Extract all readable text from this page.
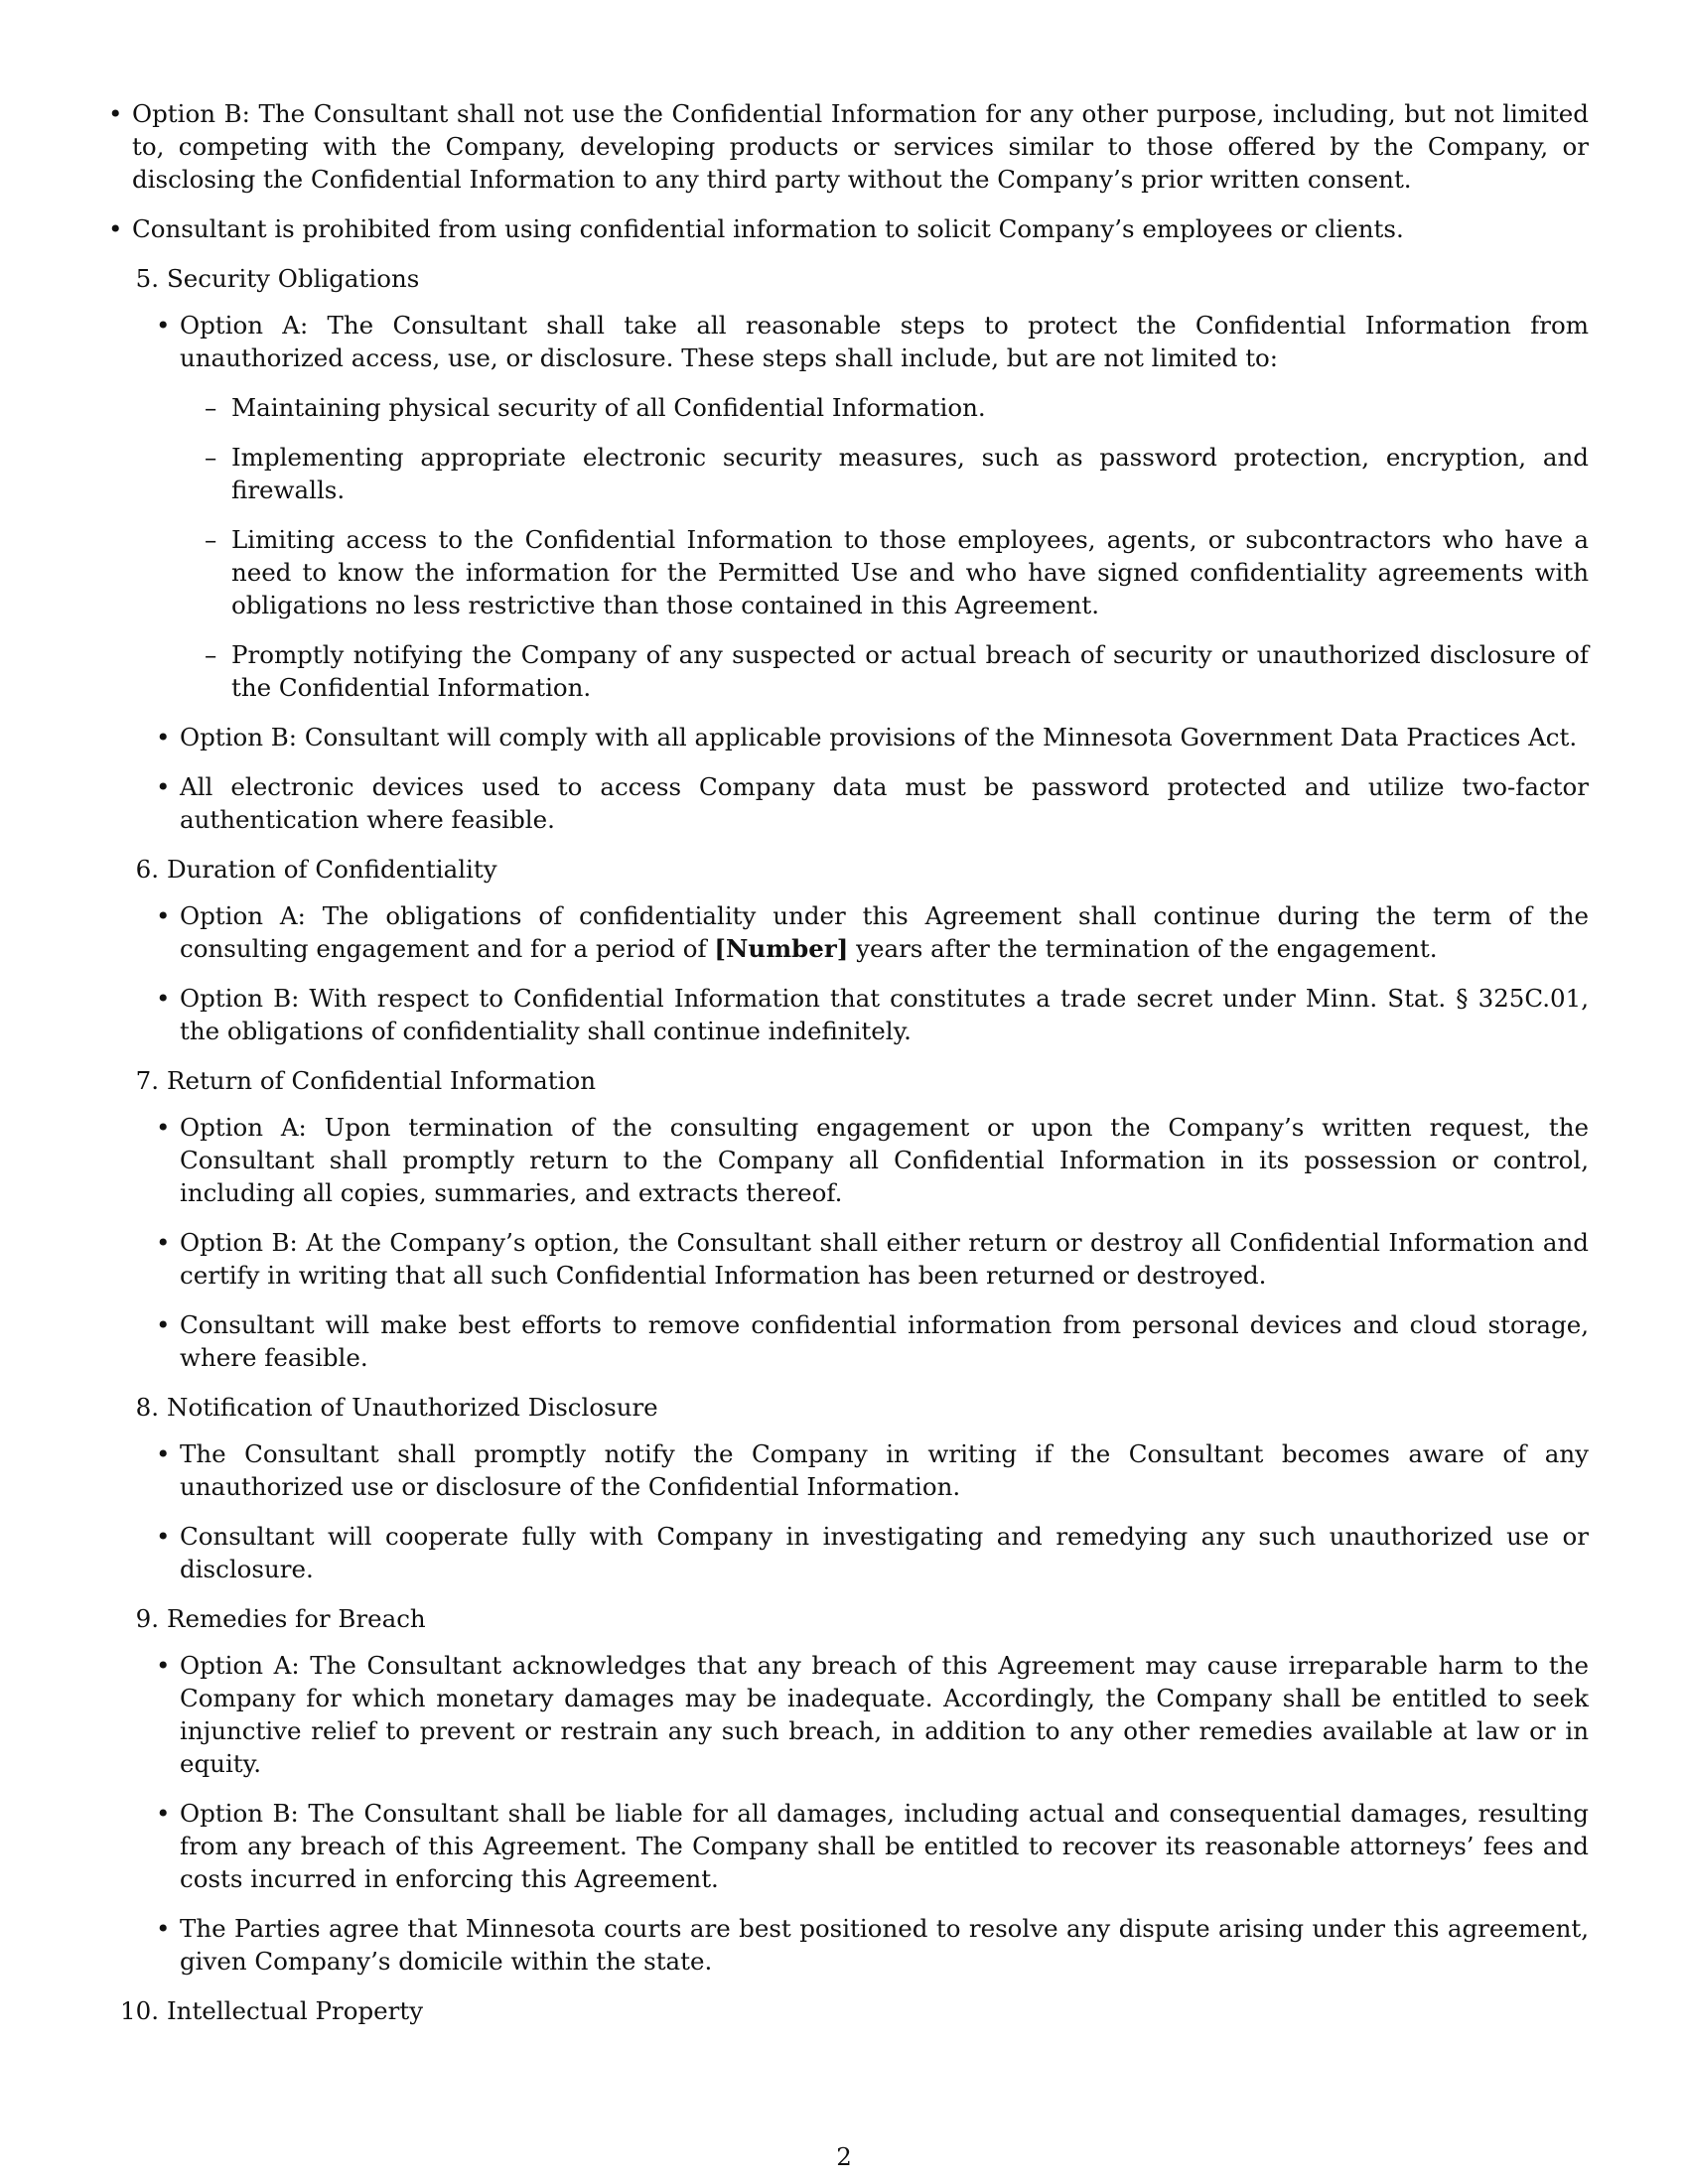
• Option B: The Consultant shall not use the Confidential Information for any other purpose, including, but not limited to, competing with the Company, developing products or services similar to those offered by the Company, or disclosing the Confidential Information to any third party without the Company’s prior written consent.
• Consultant is prohibited from using confidential information to solicit Company’s employees or clients.
5. Security Obligations
• Option A: The Consultant shall take all reasonable steps to protect the Confidential Information from unauthorized access, use, or disclosure. These steps shall include, but are not limited to:
– Maintaining physical security of all Confidential Information.
– Implementing appropriate electronic security measures, such as password protection, encryption, and firewalls.
– Limiting access to the Confidential Information to those employees, agents, or subcontractors who have a need to know the information for the Permitted Use and who have signed confidentiality agreements with obligations no less restrictive than those contained in this Agreement.
– Promptly notifying the Company of any suspected or actual breach of security or unauthorized disclosure of the Confidential Information.
• Option B: Consultant will comply with all applicable provisions of the Minnesota Government Data Practices Act.
• All electronic devices used to access Company data must be password protected and utilize two-factor authentication where feasible.
6. Duration of Confidentiality
• Option A: The obligations of confidentiality under this Agreement shall continue during the term of the consulting engagement and for a period of [Number] years after the termination of the engagement.
• Option B: With respect to Confidential Information that constitutes a trade secret under Minn. Stat. § 325C.01, the obligations of confidentiality shall continue indefinitely.
7. Return of Confidential Information
• Option A: Upon termination of the consulting engagement or upon the Company’s written request, the Consultant shall promptly return to the Company all Confidential Information in its possession or control, including all copies, summaries, and extracts thereof.
• Option B: At the Company’s option, the Consultant shall either return or destroy all Confidential Information and certify in writing that all such Confidential Information has been returned or destroyed.
• Consultant will make best efforts to remove confidential information from personal devices and cloud storage, where feasible.
8. Notification of Unauthorized Disclosure
• The Consultant shall promptly notify the Company in writing if the Consultant becomes aware of any unauthorized use or disclosure of the Confidential Information.
• Consultant will cooperate fully with Company in investigating and remedying any such unauthorized use or disclosure.
9. Remedies for Breach
• Option A: The Consultant acknowledges that any breach of this Agreement may cause irreparable harm to the Company for which monetary damages may be inadequate. Accordingly, the Company shall be entitled to seek injunctive relief to prevent or restrain any such breach, in addition to any other remedies available at law or in equity.
• Option B: The Consultant shall be liable for all damages, including actual and consequential damages, resulting from any breach of this Agreement. The Company shall be entitled to recover its reasonable attorneys’ fees and costs incurred in enforcing this Agreement.
• The Parties agree that Minnesota courts are best positioned to resolve any dispute arising under this agreement, given Company’s domicile within the state.
10. Intellectual Property
2
